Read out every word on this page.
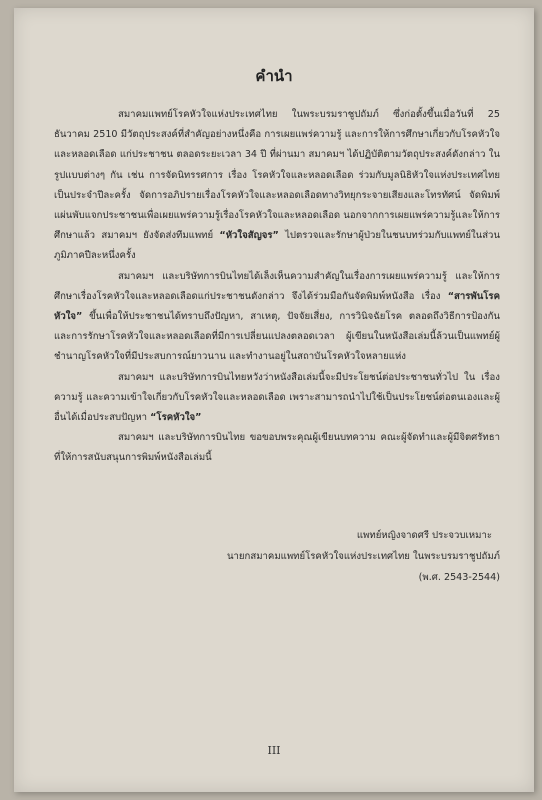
คำนำ

สมาคมแพทย์โรคหัวใจแห่งประเทศไทย ในพระบรมราชูปถัมภ์ ซึ่งก่อตั้งขึ้นเมื่อวันที่ 25 ธันวาคม 2510 มีวัตถุประสงค์ที่สำคัญอย่างหนึ่งคือ การเผยแพร่ความรู้ และการให้การศึกษาเกี่ยวกับโรคหัวใจและหลอดเลือด แก่ประชาชน ตลอดระยะเวลา 34 ปี ที่ผ่านมา สมาคมฯ ได้ปฏิบัติตามวัตถุประสงค์ดังกล่าว ในรูปแบบต่างๆ กัน เช่น การจัดนิทรรศการ เรื่อง โรคหัวใจและหลอดเลือด ร่วมกับมูลนิธิหัวใจแห่งประเทศไทย เป็นประจำปีละครั้ง จัดการอภิปรายเรื่องโรคหัวใจและหลอดเลือดทางวิทยุกระจายเสียงและโทรทัศน์ จัดพิมพ์แผ่นพับแจกประชาชนเพื่อเผยแพร่ความรู้เรื่องโรคหัวใจและหลอดเลือด นอกจากการเผยแพร่ความรู้และให้การศึกษาแล้ว สมาคมฯ ยังจัดส่งทีมแพทย์ “หัวใจสัญจร” ไปตรวจและรักษาผู้ป่วยในชนบทร่วมกับแพทย์ในส่วนภูมิภาคปีละหนึ่งครั้ง

สมาคมฯ และบริษัทการบินไทยได้เล็งเห็นความสำคัญในเรื่องการเผยแพร่ความรู้ และให้การศึกษาเรื่องโรคหัวใจและหลอดเลือดแก่ประชาชนดังกล่าว จึงได้ร่วมมือกันจัดพิมพ์หนังสือ เรื่อง “สารพันโรคหัวใจ” ขึ้นเพื่อให้ประชาชนได้ทราบถึงปัญหา, สาเหตุ, ปัจจัยเสี่ยง, การวินิจฉัยโรค ตลอดถึงวิธีการป้องกัน และการรักษาโรคหัวใจและหลอดเลือดที่มีการเปลี่ยนแปลงตลอดเวลา ผู้เขียนในหนังสือเล่มนี้ล้วนเป็นแพทย์ผู้ชำนาญโรคหัวใจที่มีประสบการณ์ยาวนาน และทำงานอยู่ในสถาบันโรคหัวใจหลายแห่ง

สมาคมฯ และบริษัทการบินไทยหวังว่าหนังสือเล่มนี้จะมีประโยชน์ต่อประชาชนทั่วไป ใน เรื่องความรู้ และความเข้าใจเกี่ยวกับโรคหัวใจและหลอดเลือด เพราะสามารถนำไปใช้เป็นประโยชน์ต่อตนเองและผู้อื่นได้เมื่อประสบปัญหา “โรคหัวใจ”

สมาคมฯ และบริษัทการบินไทย ขอขอบพระคุณผู้เขียนบทความ คณะผู้จัดทำและผู้มีจิตศรัทธาที่ให้การสนับสนุนการพิมพ์หนังสือเล่มนี้

แพทย์หญิงจาดศรี ประจวบเหมาะ
นายกสมาคมแพทย์โรคหัวใจแห่งประเทศไทย ในพระบรมราชูปถัมภ์
(พ.ศ. 2543-2544)
III
